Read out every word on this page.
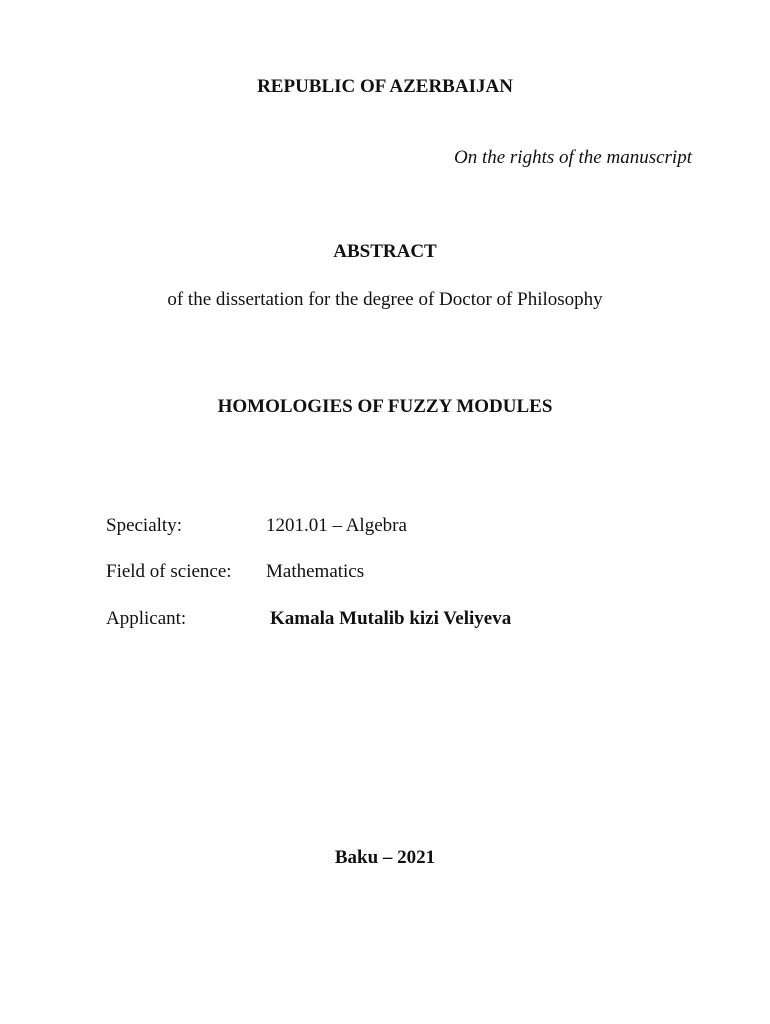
REPUBLIC OF AZERBAIJAN
On the rights of the manuscript
ABSTRACT
of the dissertation for the degree of Doctor of Philosophy
HOMOLOGIES OF FUZZY MODULES
Specialty:	1201.01 – Algebra
Field of science: Mathematics
Applicant:	Kamala Mutalib kizi Veliyeva
Baku – 2021
